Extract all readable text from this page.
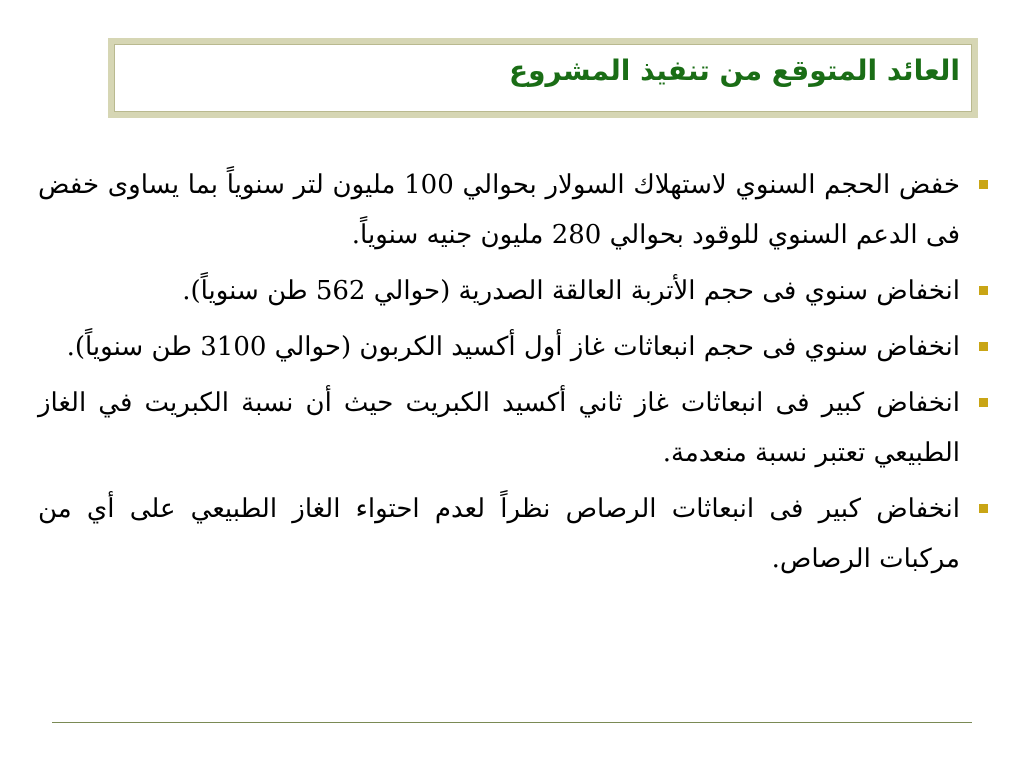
العائد المتوقع من تنفيذ المشروع
خفض الحجم السنوي لاستهلاك السولار بحوالي 100 مليون لتر سنوياً بما يساوى خفض فى الدعم السنوي للوقود بحوالي 280 مليون جنيه سنوياً.
انخفاض سنوي فى حجم الأتربة العالقة الصدرية (حوالي 562 طن سنوياً).
انخفاض سنوي فى حجم انبعاثات غاز أول أكسيد الكربون (حوالي 3100 طن سنوياً).
انخفاض كبير فى انبعاثات غاز ثاني أكسيد الكبريت حيث أن نسبة الكبريت في الغاز الطبيعي تعتبر نسبة منعدمة.
انخفاض كبير فى انبعاثات الرصاص نظراً لعدم احتواء الغاز الطبيعي على أي من مركبات الرصاص.
